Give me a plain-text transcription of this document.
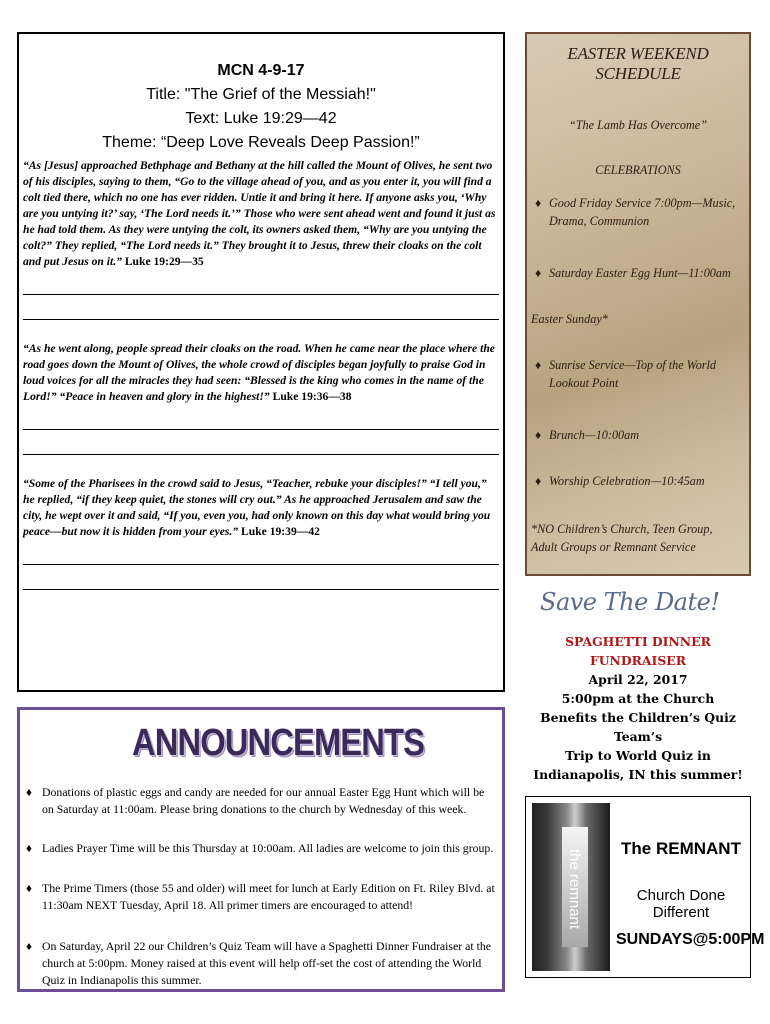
MCN 4-9-17
Title: "The Grief of the Messiah!"
Text: Luke 19:29—42
Theme: “Deep Love Reveals Deep Passion!”
“As [Jesus] approached Bethphage and Bethany at the hill called the Mount of Olives, he sent two of his disciples, saying to them, “Go to the village ahead of you, and as you enter it, you will find a colt tied there, which no one has ever ridden. Untie it and bring it here. If anyone asks you, ‘Why are you untying it?’ say, ‘The Lord needs it.’” Those who were sent ahead went and found it just as he had told them. As they were untying the colt, its owners asked them, “Why are you untying the colt?” They replied, “The Lord needs it.” They brought it to Jesus, threw their cloaks on the colt and put Jesus on it.” Luke 19:29—35
“As he went along, people spread their cloaks on the road. When he came near the place where the road goes down the Mount of Olives, the whole crowd of disciples began joyfully to praise God in loud voices for all the miracles they had seen: “Blessed is the king who comes in the name of the Lord!” “Peace in heaven and glory in the highest!” Luke 19:36—38
“Some of the Pharisees in the crowd said to Jesus, “Teacher, rebuke your disciples!” “I tell you,” he replied, “if they keep quiet, the stones will cry out.” As he approached Jerusalem and saw the city, he wept over it and said, “If you, even you, had only known on this day what would bring you peace—but now it is hidden from your eyes.” Luke 19:39—42
EASTER WEEKEND SCHEDULE
“The Lamb Has Overcome”
CELEBRATIONS
♦ Good Friday Service 7:00pm—Music, Drama, Communion
♦ Saturday Easter Egg Hunt—11:00am
Easter Sunday*
♦ Sunrise Service—Top of the World Lookout Point
♦ Brunch—10:00am
♦ Worship Celebration—10:45am
*NO Children’s Church, Teen Group, Adult Groups or Remnant Service
Save The Date!
SPAGHETTI DINNER
FUNDRAISER
April 22, 2017
5:00pm at the Church
Benefits the Children’s Quiz Team’s
Trip to World Quiz in
Indianapolis, IN this summer!
ANNOUNCEMENTS
♦ Donations of plastic eggs and candy are needed for our annual Easter Egg Hunt which will be on Saturday at 11:00am. Please bring donations to the church by Wednesday of this week.
♦ Ladies Prayer Time will be this Thursday at 10:00am. All ladies are welcome to join this group.
♦ The Prime Timers (those 55 and older) will meet for lunch at Early Edition on Ft. Riley Blvd. at 11:30am NEXT Tuesday, April 18. All primer timers are encouraged to attend!
♦ On Saturday, April 22 our Children’s Quiz Team will have a Spaghetti Dinner Fundraiser at the church at 5:00pm. Money raised at this event will help off-set the cost of attending the World Quiz in Indianapolis this summer.
the remnant
The REMNANT
Church Done Different
SUNDAYS@5:00PM
